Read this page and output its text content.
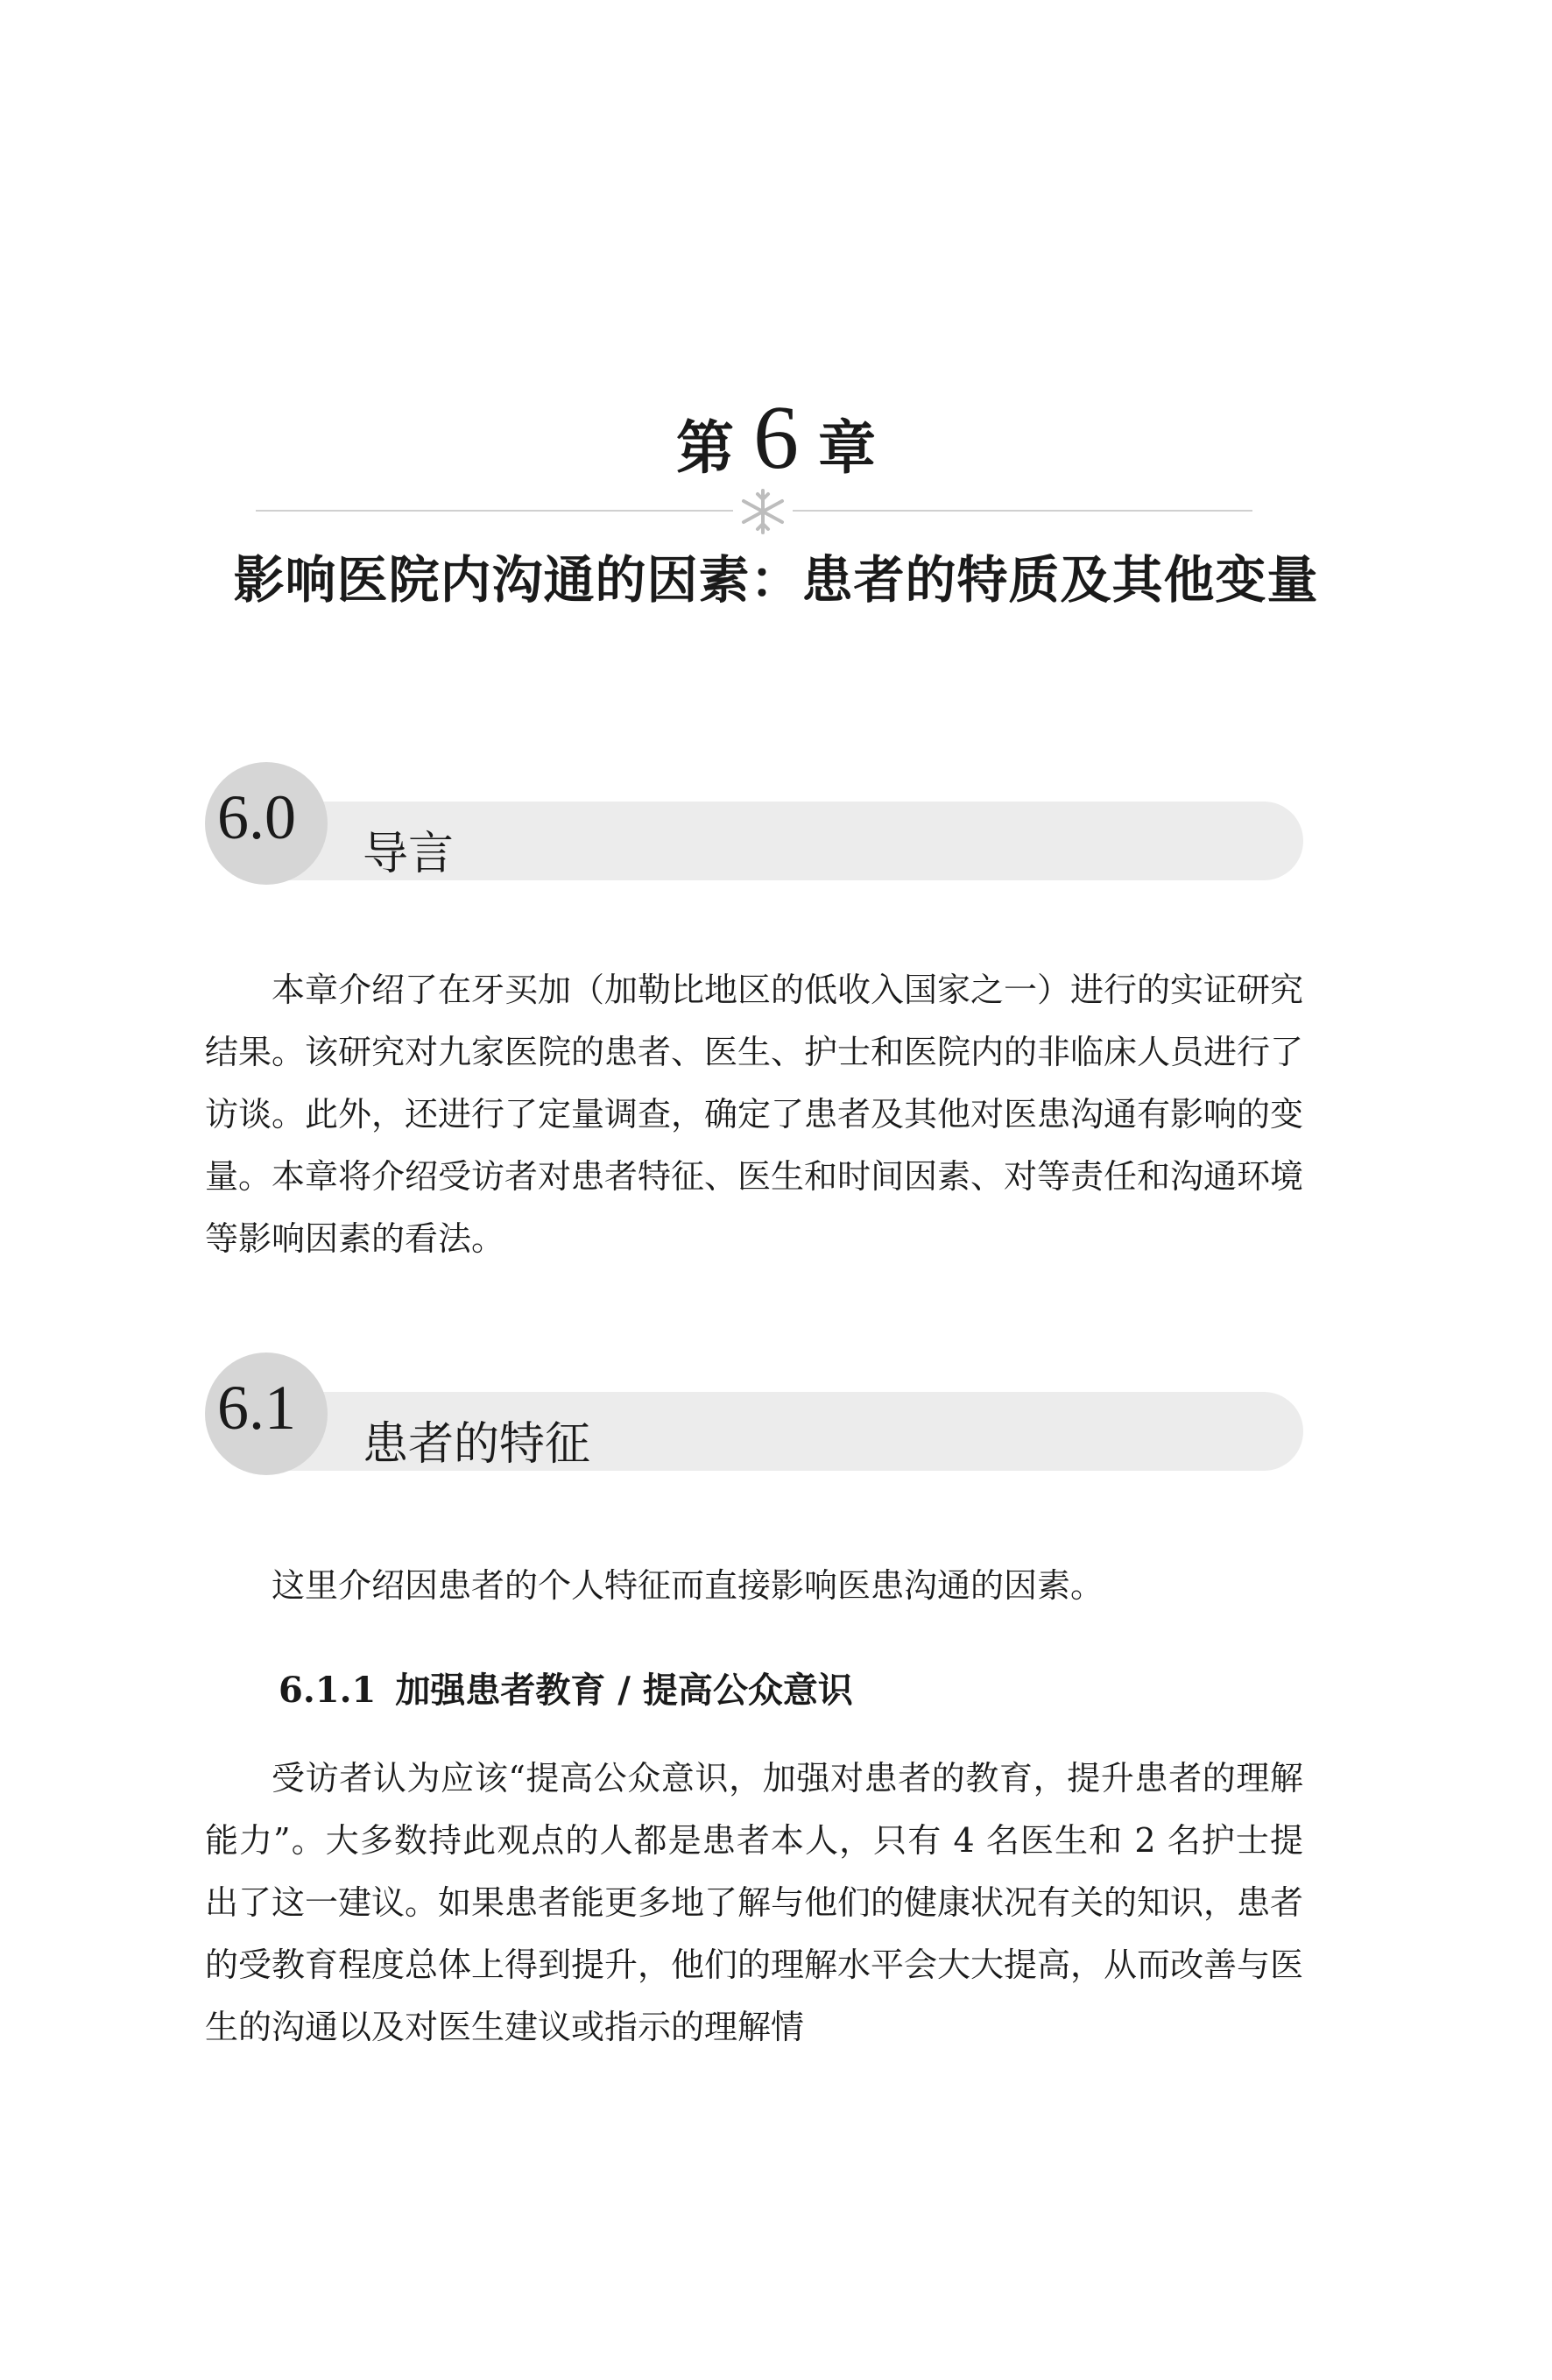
第 6 章
影响医院内沟通的因素：患者的特质及其他变量
6.0
导言

本章介绍了在牙买加（加勒比地区的低收入国家之一）进行的实证研究结果。该研究对九家医院的患者、医生、护士和医院内的非临床人员进行了访谈。此外，还进行了定量调查，确定了患者及其他对医患沟通有影响的变量。本章将介绍受访者对患者特征、医生和时间因素、对等责任和沟通环境等影响因素的看法。

6.1
患者的特征

这里介绍因患者的个人特征而直接影响医患沟通的因素。

6.1.1 加强患者教育 / 提高公众意识

受访者认为应该“提高公众意识，加强对患者的教育，提升患者的理解能力”。大多数持此观点的人都是患者本人，只有 4 名医生和 2 名护士提出了这一建议。如果患者能更多地了解与他们的健康状况有关的知识，患者的受教育程度总体上得到提升，他们的理解水平会大大提高，从而改善与医生的沟通以及对医生建议或指示的理解情
